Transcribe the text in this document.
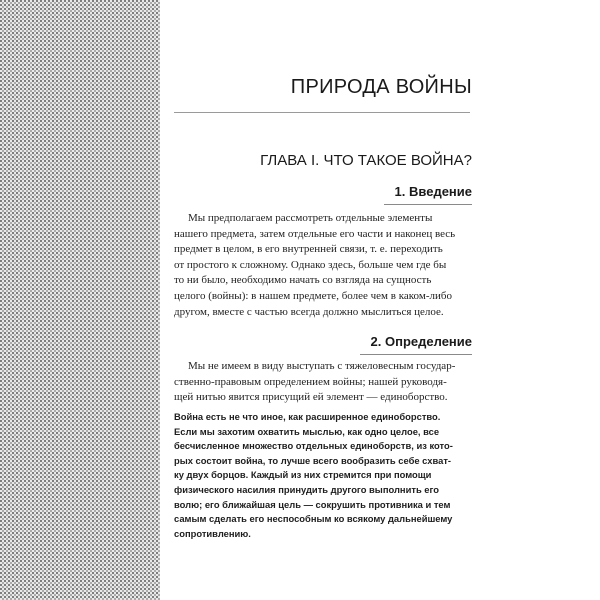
ПРИРОДА ВОЙНЫ
ГЛАВА I. ЧТО ТАКОЕ ВОЙНА?
1. Введение
Мы предполагаем рассмотреть отдельные элементы
нашего предмета, затем отдельные его части и наконец весь
предмет в целом, в его внутренней связи, т. е. переходить
от простого к сложному. Однако здесь, больше чем где бы
то ни было, необходимо начать со взгляда на сущность
целого (войны): в нашем предмете, более чем в каком-либо
другом, вместе с частью всегда должно мыслиться целое.
2. Определение
Мы не имеем в виду выступать с тяжеловесным государ-
ственно-правовым определением войны; нашей руководя-
щей нитью явится присущий ей элемент — единоборство.
Война есть не что иное, как расширенное единоборство.
Если мы захотим охватить мыслью, как одно целое, все
бесчисленное множество отдельных единоборств, из кото-
рых состоит война, то лучше всего вообразить себе схват-
ку двух борцов. Каждый из них стремится при помощи
физического насилия принудить другого выполнить его
волю; его ближайшая цель — сокрушить противника и тем
самым сделать его неспособным ко всякому дальнейшему
сопротивлению.
